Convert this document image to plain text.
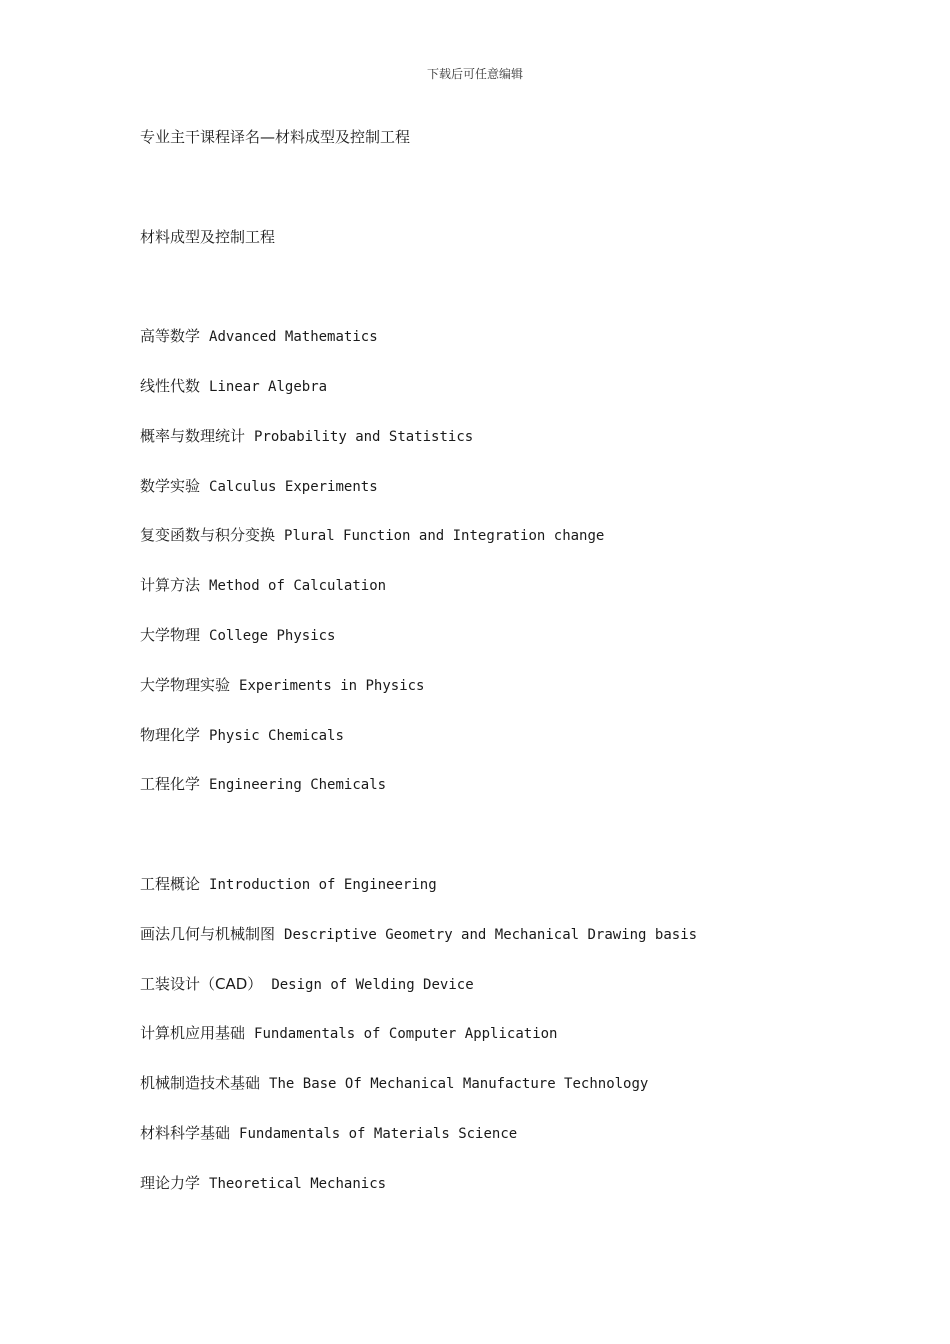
下载后可任意编辑
专业主干课程译名—材料成型及控制工程
材料成型及控制工程
高等数学 Advanced Mathematics
线性代数 Linear Algebra
概率与数理统计 Probability and Statistics
数学实验 Calculus Experiments
复变函数与积分变换 Plural Function and Integration change
计算方法 Method of Calculation
大学物理 College Physics
大学物理实验 Experiments in Physics
物理化学 Physic Chemicals
工程化学 Engineering Chemicals
工程概论 Introduction of Engineering
画法几何与机械制图 Descriptive Geometry and Mechanical Drawing basis
工装设计（CAD） Design of Welding Device
计算机应用基础 Fundamentals of Computer Application
机械制造技术基础 The Base Of Mechanical Manufacture Technology
材料科学基础 Fundamentals of Materials Science
理论力学 Theoretical Mechanics
